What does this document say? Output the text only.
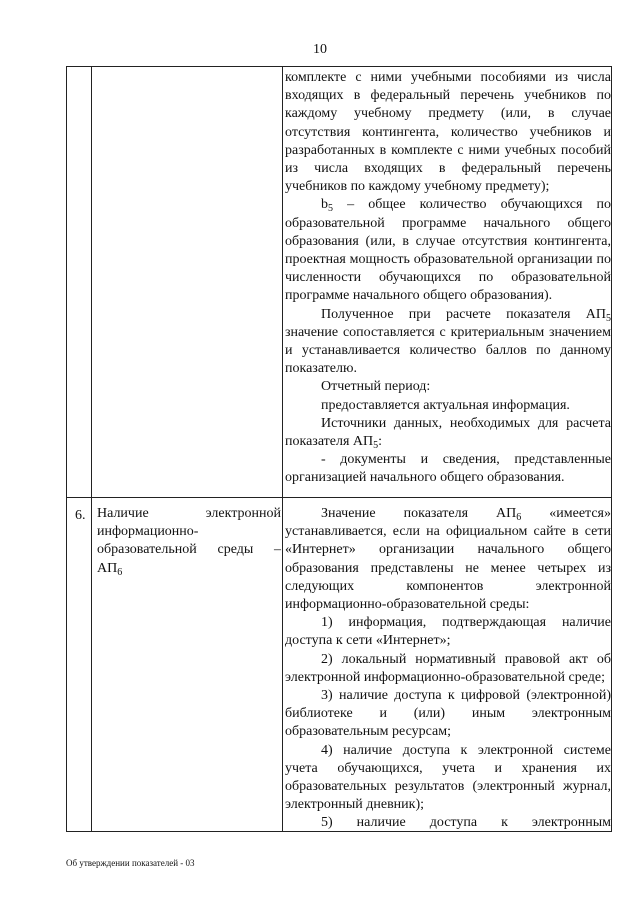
10

комплекте с ними учебными пособиями из числа входящих в федеральный перечень учебников по каждому учебному предмету (или, в случае отсутствия контингента, количество учебников и разработанных в комплекте с ними учебных пособий из числа входящих в федеральный перечень учебников по каждому учебному предмету);

$b_5$ – общее количество обучающихся по образовательной программе начального общего образования (или, в случае отсутствия контингента, проектная мощность образовательной организации по численности обучающихся по образовательной программе начального общего образования).

Полученное при расчете показателя $АП_5$ значение сопоставляется с критериальным значением и устанавливается количество баллов по данному показателю.

Отчетный период:

предоставляется актуальная информация.

Источники данных, необходимых для расчета показателя $АП_5$:

- документы и сведения, представленные организацией начального общего образования.

6. Наличие электронной

информационно-

образовательной среды –

$АП_6$

Значение показателя $АП_6$ «имеется» устанавливается, если на официальном сайте в сети «Интернет» организации начального общего образования представлены не менее четырех из следующих компонентов электронной информационно-образовательной среды:

1) информация, подтверждающая наличие доступа к сети «Интернет»;

2) локальный нормативный правовой акт об электронной информационно-образовательной среде;

3) наличие доступа к цифровой (электронной) библиотеке и (или) иным электронным образовательным ресурсам;

4) наличие доступа к электронной системе учета обучающихся, учета и хранения их образовательных результатов (электронный журнал, электронный дневник);

5) наличие доступа к электронным

Об утверждении показателей - 03
